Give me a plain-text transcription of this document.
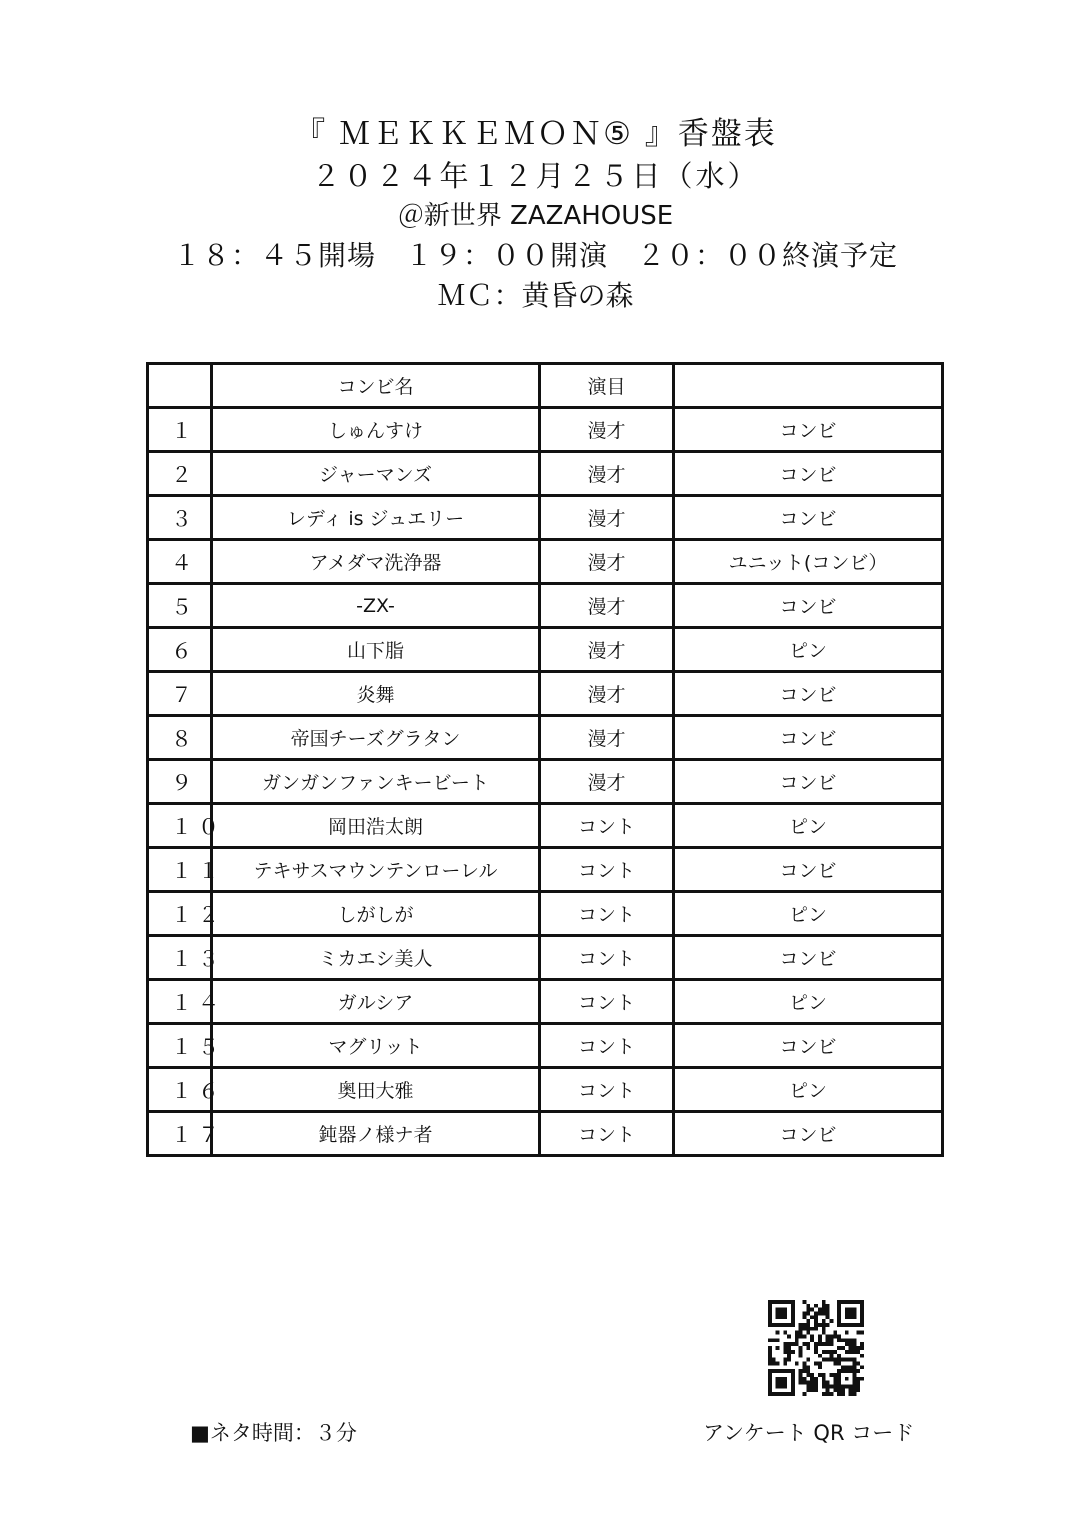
『 ＭＥＫＫＥＭＯＮ⑤ 』香盤表
２０２４年１２月２５日（水）
＠新世界 ZAZAHOUSE
１８：４５開場　１９：００開演　２０：００終演予定
ＭＣ：黄昏の森
	コンビ名	演目	
１	しゅんすけ	漫才	コンビ
２	ジャーマンズ	漫才	コンビ
３	レディ is ジュエリー	漫才	コンビ
４	アメダマ洗浄器	漫才	ユニット(コンビ）
５	-ZX-	漫才	コンビ
６	山下脂	漫才	ピン
７	炎舞	漫才	コンビ
８	帝国チーズグラタン	漫才	コンビ
９	ガンガンファンキービート	漫才	コンビ
１０	岡田浩太朗	コント	ピン
１１	テキサスマウンテンローレル	コント	コンビ
１２	しがしが	コント	ピン
１３	ミカエシ美人	コント	コンビ
１４	ガルシア	コント	ピン
１５	マグリット	コント	コンビ
１６	奥田大雅	コント	ピン
１７	鈍器ノ様ナ者	コント	コンビ
■ネタ時間：３分	アンケート QR コード
